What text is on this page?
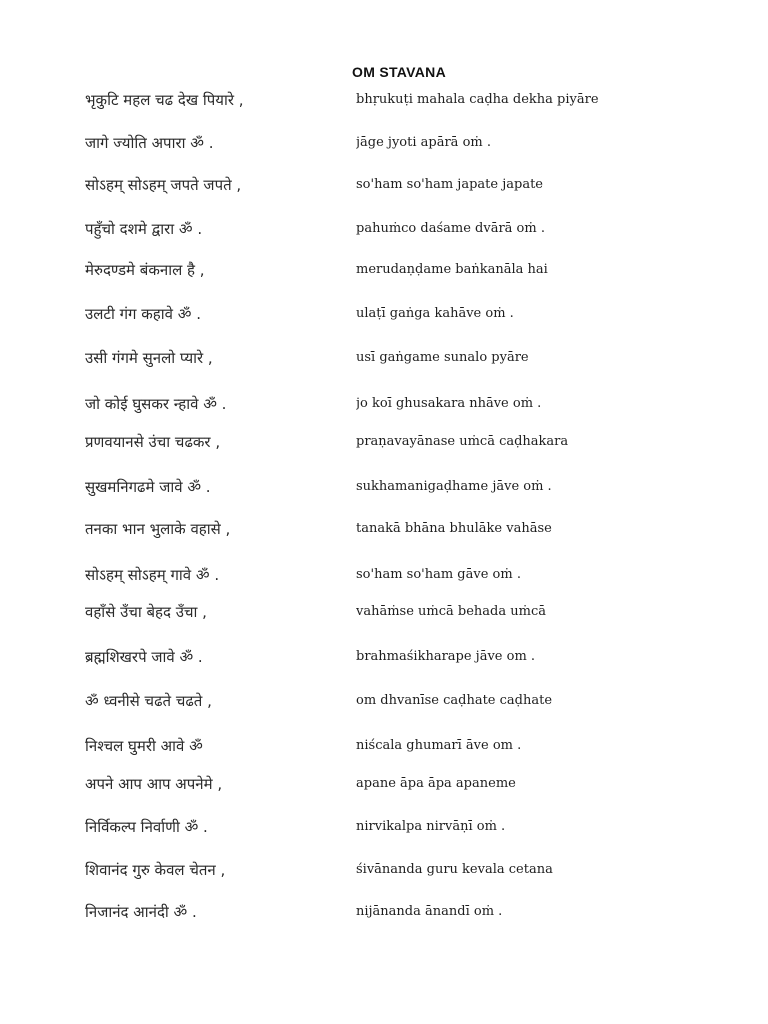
OM STAVANA
भृकुटि महल चढ देख पियारे ,	bhṛukuṭi mahala caḍha dekha piyāre
जागे ज्योति अपारा ॐ .	jāge jyoti apārā oṁ .
सोऽहम् सोऽहम् जपते जपते ,	so'ham so'ham japate japate
पहुँचो दशमे द्वारा ॐ .	pahuṁco daśame dvārā oṁ .
मेरुदण्डमे बंकनाल है ,	merudaṇḍame baṅkanāla hai
उलटी गंग कहावे ॐ .	ulaṭī gaṅga kahāve oṁ .
उसी गंगमे सुनलो प्यारे ,	usī gaṅgame sunalo pyāre
जो कोई घुसकर न्हावे ॐ .	jo koī ghusakara nhāve oṁ .
प्रणवयानसे उंचा चढकर ,	praṇavayānase uṁcā caḍhakara
सुखमनिगढमे जावे ॐ .	sukhamanigaḍhame jāve oṁ .
तनका भान भुलाके वहासे ,	tanakā bhāna bhulāke vahāse
सोऽहम् सोऽहम् गावे ॐ .	so'ham so'ham gāve oṁ .
वहाँसे उँचा बेहद उँचा ,	vahāṁse uṁcā behada uṁcā
ब्रह्मशिखरपे जावे ॐ .	brahmaśikharape jāve om .
ॐ ध्वनीसे चढते चढते ,	om dhvanīse caḍhate caḍhate
निश्चल घुमरी आवे ॐ	niścala ghumarī āve om .
अपने आप आप अपनेमे ,	apane āpa āpa apaneme
निर्विकल्प निर्वाणी ॐ .	nirvikalpa nirvāṇī oṁ .
शिवानंद गुरु केवल चेतन ,	śivānanda guru kevala cetana
निजानंद आनंदी ॐ .	nijānanda ānandī oṁ .
